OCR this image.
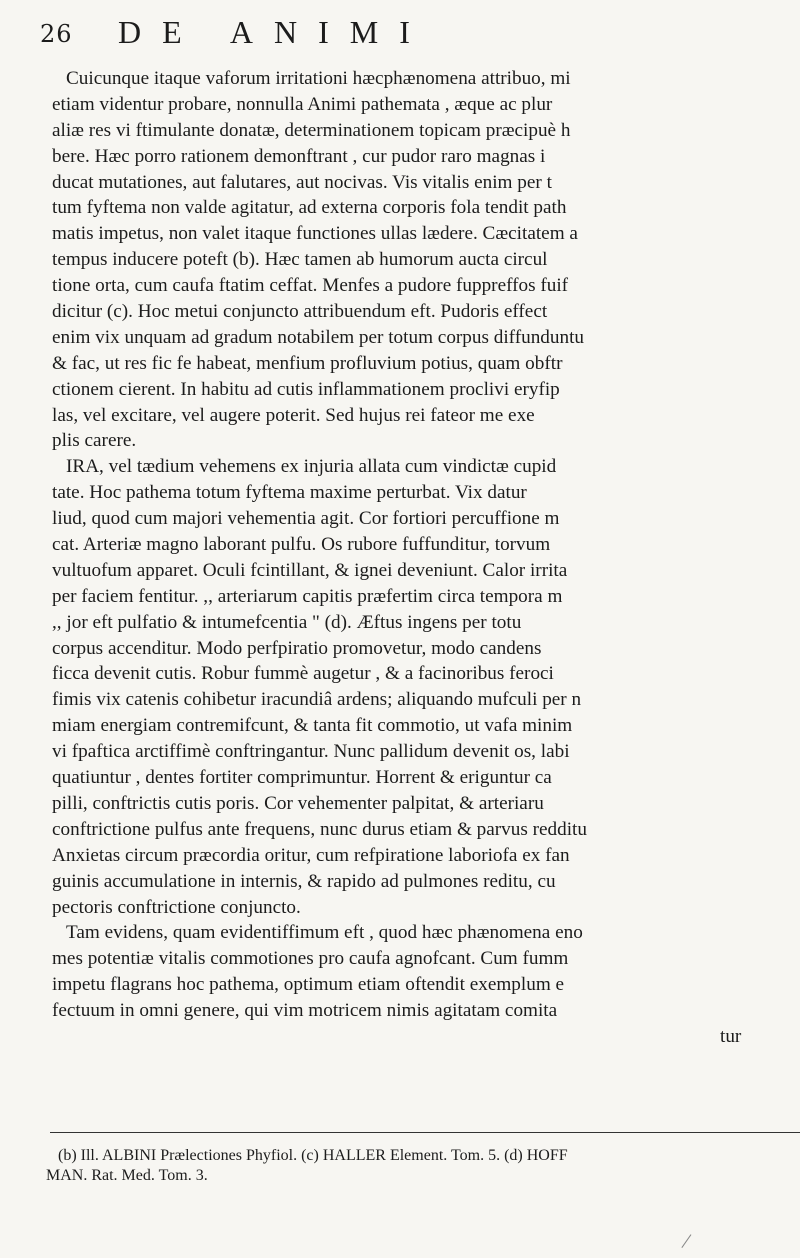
26 DE ANIMI
Cuicunque itaque vaforum irritationi hæcphænomena attribuo, mi
etiam videntur probare, nonnulla Animi pathemata , æque ac plur
aliæ res vi ftimulante donatæ, determinationem topicam præcipuè h
bere. Hæc porro rationem demonftrant , cur pudor raro magnas i
ducat mutationes, aut falutares, aut nocivas. Vis vitalis enim per t
tum fyftema non valde agitatur, ad externa corporis fola tendit path
matis impetus, non valet itaque functiones ullas lædere. Cæcitatem a
tempus inducere poteft (b). Hæc tamen ab humorum aucta circul
tione orta, cum caufa ftatim ceffat. Menfes a pudore fuppreffos fuif
dicitur (c). Hoc metui conjuncto attribuendum eft. Pudoris effect
enim vix unquam ad gradum notabilem per totum corpus diffunduntu
& fac, ut res fic fe habeat, menfium profluvium potius, quam obftr
ctionem cierent. In habitu ad cutis inflammationem proclivi eryfip
las, vel excitare, vel augere poterit. Sed hujus rei fateor me exe
plis carere.
IRA, vel tædium vehemens ex injuria allata cum vindictæ cupid
tate. Hoc pathema totum fyftema maxime perturbat. Vix datur
liud, quod cum majori vehementia agit. Cor fortiori percuffione m
cat. Arteriæ magno laborant pulfu. Os rubore fuffunditur, torvum
vultuofum apparet. Oculi fcintillant, & ignei deveniunt. Calor irrita
per faciem fentitur. ,, arteriarum capitis præfertim circa tempora m
,, jor eft pulfatio & intumefcentia " (d). Æftus ingens per totu
corpus accenditur. Modo perfpiratio promovetur, modo candens
ficca devenit cutis. Robur fummè augetur , & a facinoribus feroci
fimis vix catenis cohibetur iracundiâ ardens; aliquando mufculi per n
miam energiam contremifcunt, & tanta fit commotio, ut vafa minim
vi fpaftica arctiffimè conftringantur. Nunc pallidum devenit os, labi
quatiuntur , dentes fortiter comprimuntur. Horrent & eriguntur ca
pilli, conftrictis cutis poris. Cor vehementer palpitat, & arteriaru
conftrictione pulfus ante frequens, nunc durus etiam & parvus redditu
Anxietas circum præcordia oritur, cum refpiratione laboriofa ex fan
guinis accumulatione in internis, & rapido ad pulmones reditu, cu
pectoris conftrictione conjuncto.
Tam evidens, quam evidentiffimum eft , quod hæc phænomena eno
mes potentiæ vitalis commotiones pro caufa agnofcant. Cum fumm
impetu flagrans hoc pathema, optimum etiam oftendit exemplum e
fectuum in omni genere, qui vim motricem nimis agitatam comita
tur
(b) Ill. ALBINI Prælectiones Phyfiol. (c) HALLER Element. Tom. 5. (d) HOFF
MAN. Rat. Med. Tom. 3.
